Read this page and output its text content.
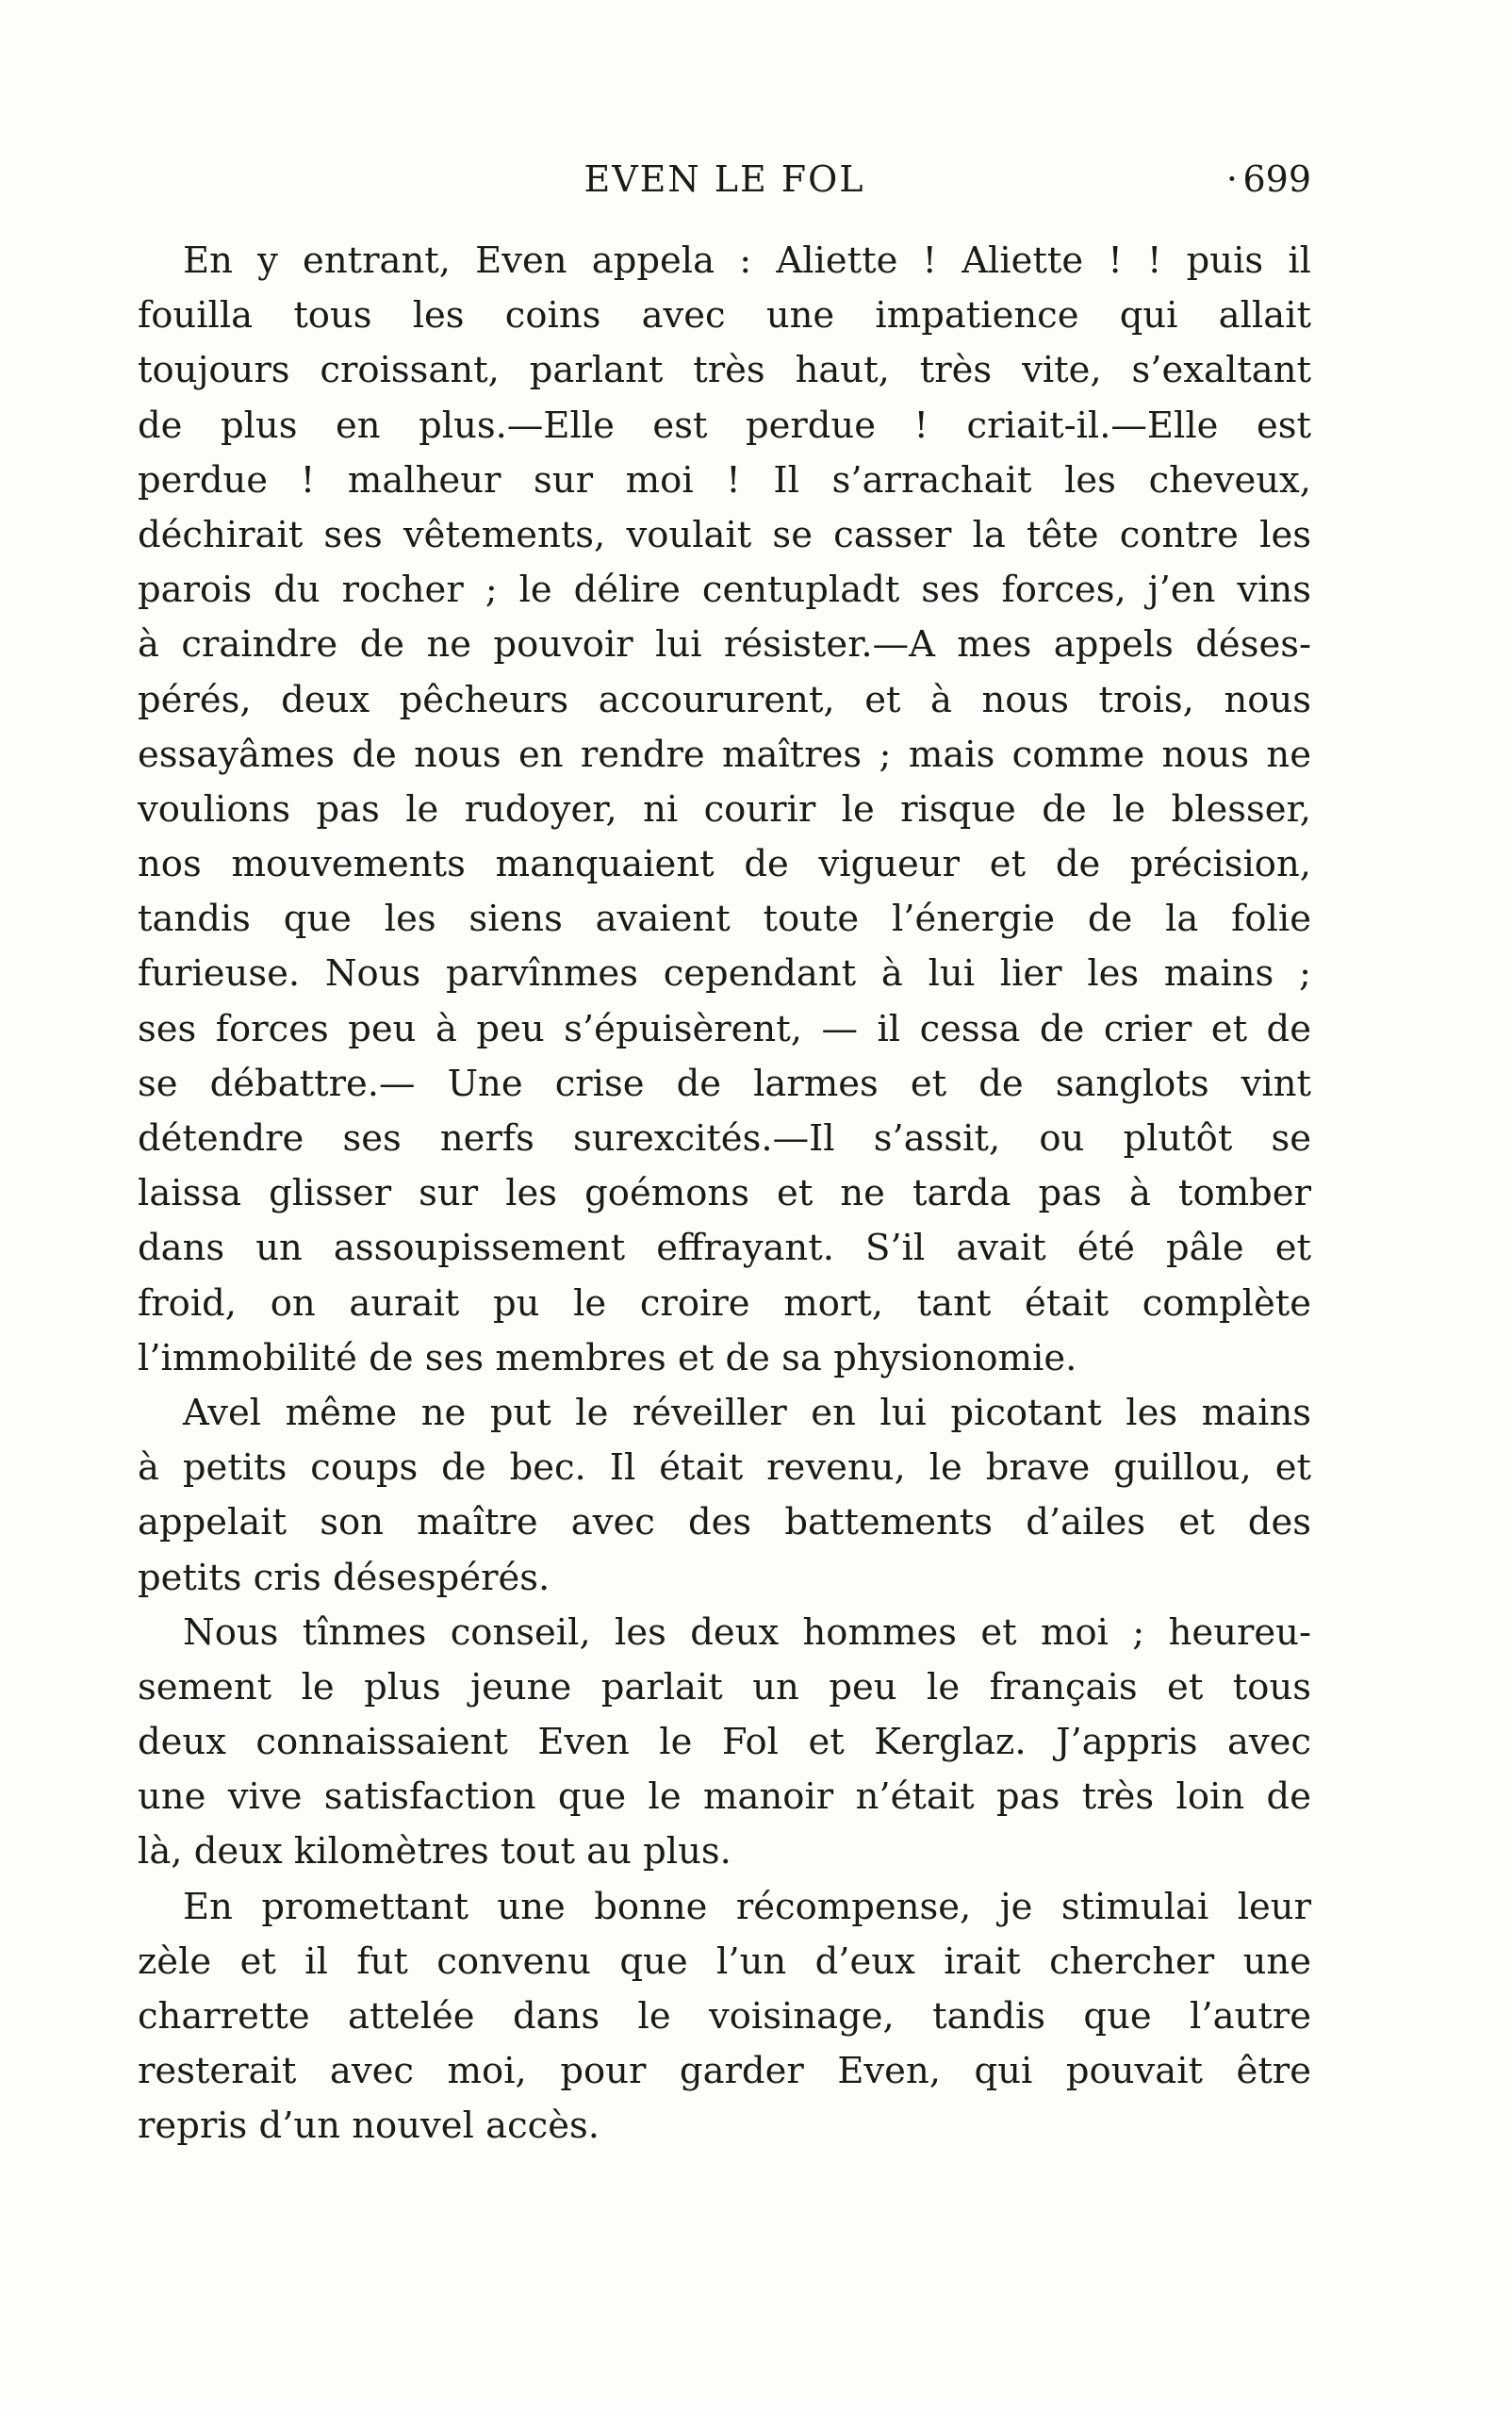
EVEN LE FOL	· 699
En y entrant, Even appela : Aliette ! Aliette ! ! puis il
fouilla tous les coins avec une impatience qui allait
toujours croissant, parlant très haut, très vite, s’exaltant
de plus en plus.—Elle est perdue ! criait-il.—Elle est
perdue ! malheur sur moi ! Il s’arrachait les cheveux,
déchirait ses vêtements, voulait se casser la tête contre les
parois du rocher ; le délire centupladt ses forces, j’en vins
à craindre de ne pouvoir lui résister.—A mes appels déses-
pérés, deux pêcheurs accoururent, et à nous trois, nous
essayâmes de nous en rendre maîtres ; mais comme nous ne
voulions pas le rudoyer, ni courir le risque de le blesser,
nos mouvements manquaient de vigueur et de précision,
tandis que les siens avaient toute l’énergie de la folie
furieuse. Nous parvînmes cependant à lui lier les mains ;
ses forces peu à peu s’épuisèrent, — il cessa de crier et de
se débattre.— Une crise de larmes et de sanglots vint
détendre ses nerfs surexcités.—Il s’assit, ou plutôt se
laissa glisser sur les goémons et ne tarda pas à tomber
dans un assoupissement effrayant. S’il avait été pâle et
froid, on aurait pu le croire mort, tant était complète
l’immobilité de ses membres et de sa physionomie.
Avel même ne put le réveiller en lui picotant les mains
à petits coups de bec. Il était revenu, le brave guillou, et
appelait son maître avec des battements d’ailes et des
petits cris désespérés.
Nous tînmes conseil, les deux hommes et moi ; heureu-
sement le plus jeune parlait un peu le français et tous
deux connaissaient Even le Fol et Kerglaz. J’appris avec
une vive satisfaction que le manoir n’était pas très loin de
là, deux kilomètres tout au plus.
En promettant une bonne récompense, je stimulai leur
zèle et il fut convenu que l’un d’eux irait chercher une
charrette attelée dans le voisinage, tandis que l’autre
resterait avec moi, pour garder Even, qui pouvait être
repris d’un nouvel accès.
